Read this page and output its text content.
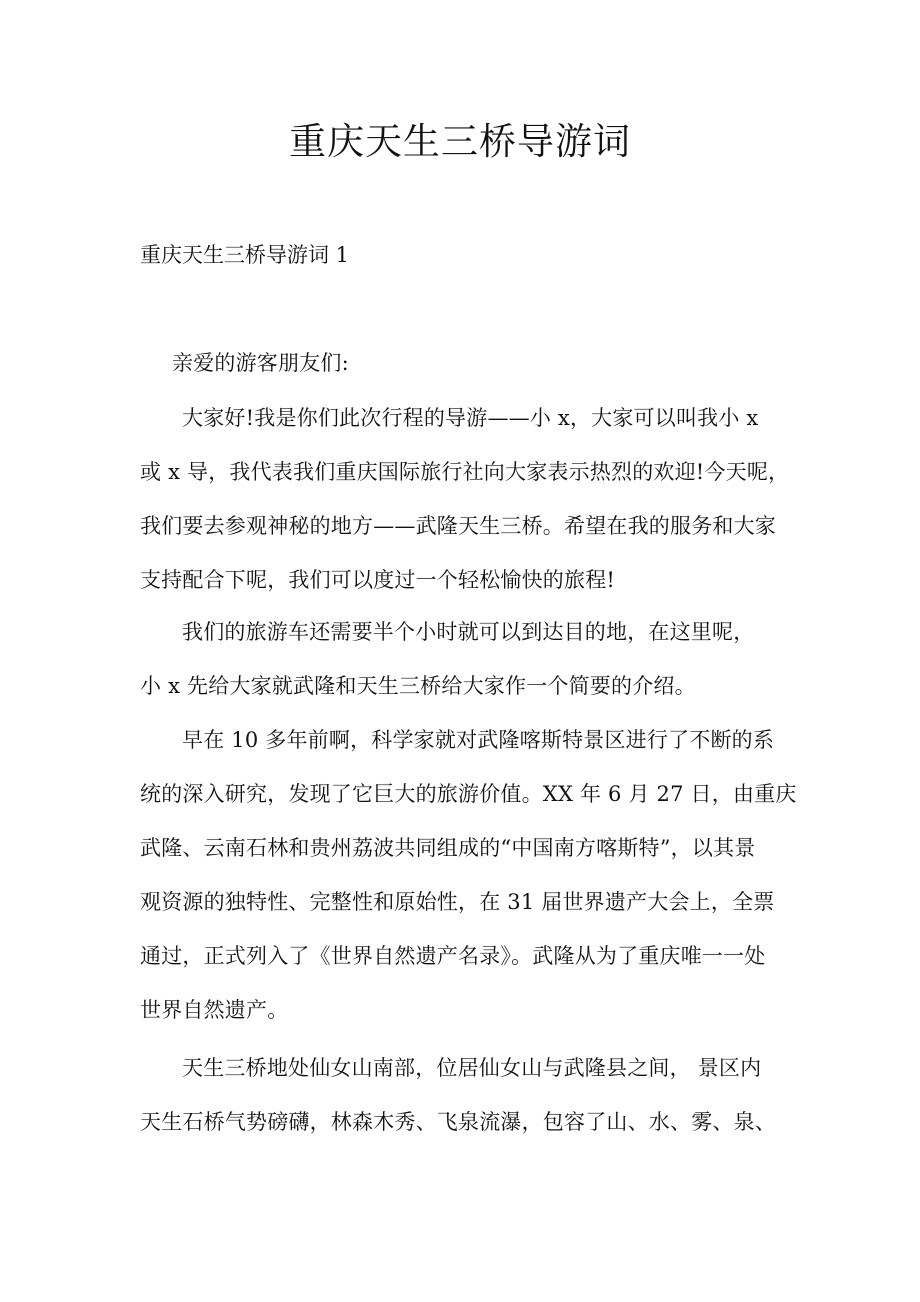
重庆天生三桥导游词
重庆天生三桥导游词 1
亲爱的游客朋友们:
大家好!我是你们此次行程的导游——小 x，大家可以叫我小 x
或 x 导，我代表我们重庆国际旅行社向大家表示热烈的欢迎!今天呢，
我们要去参观神秘的地方——武隆天生三桥。希望在我的服务和大家
支持配合下呢，我们可以度过一个轻松愉快的旅程!
我们的旅游车还需要半个小时就可以到达目的地，在这里呢，
小 x 先给大家就武隆和天生三桥给大家作一个简要的介绍。
早在 10 多年前啊，科学家就对武隆喀斯特景区进行了不断的系
统的深入研究，发现了它巨大的旅游价值。XX 年 6 月 27 日，由重庆
武隆、云南石林和贵州荔波共同组成的“中国南方喀斯特”，以其景
观资源的独特性、完整性和原始性，在 31 届世界遗产大会上，全票
通过，正式列入了《世界自然遗产名录》。武隆从为了重庆唯一一处
世界自然遗产。
天生三桥地处仙女山南部，位居仙女山与武隆县之间， 景区内
天生石桥气势磅礴，林森木秀、飞泉流瀑，包容了山、水、雾、泉、
